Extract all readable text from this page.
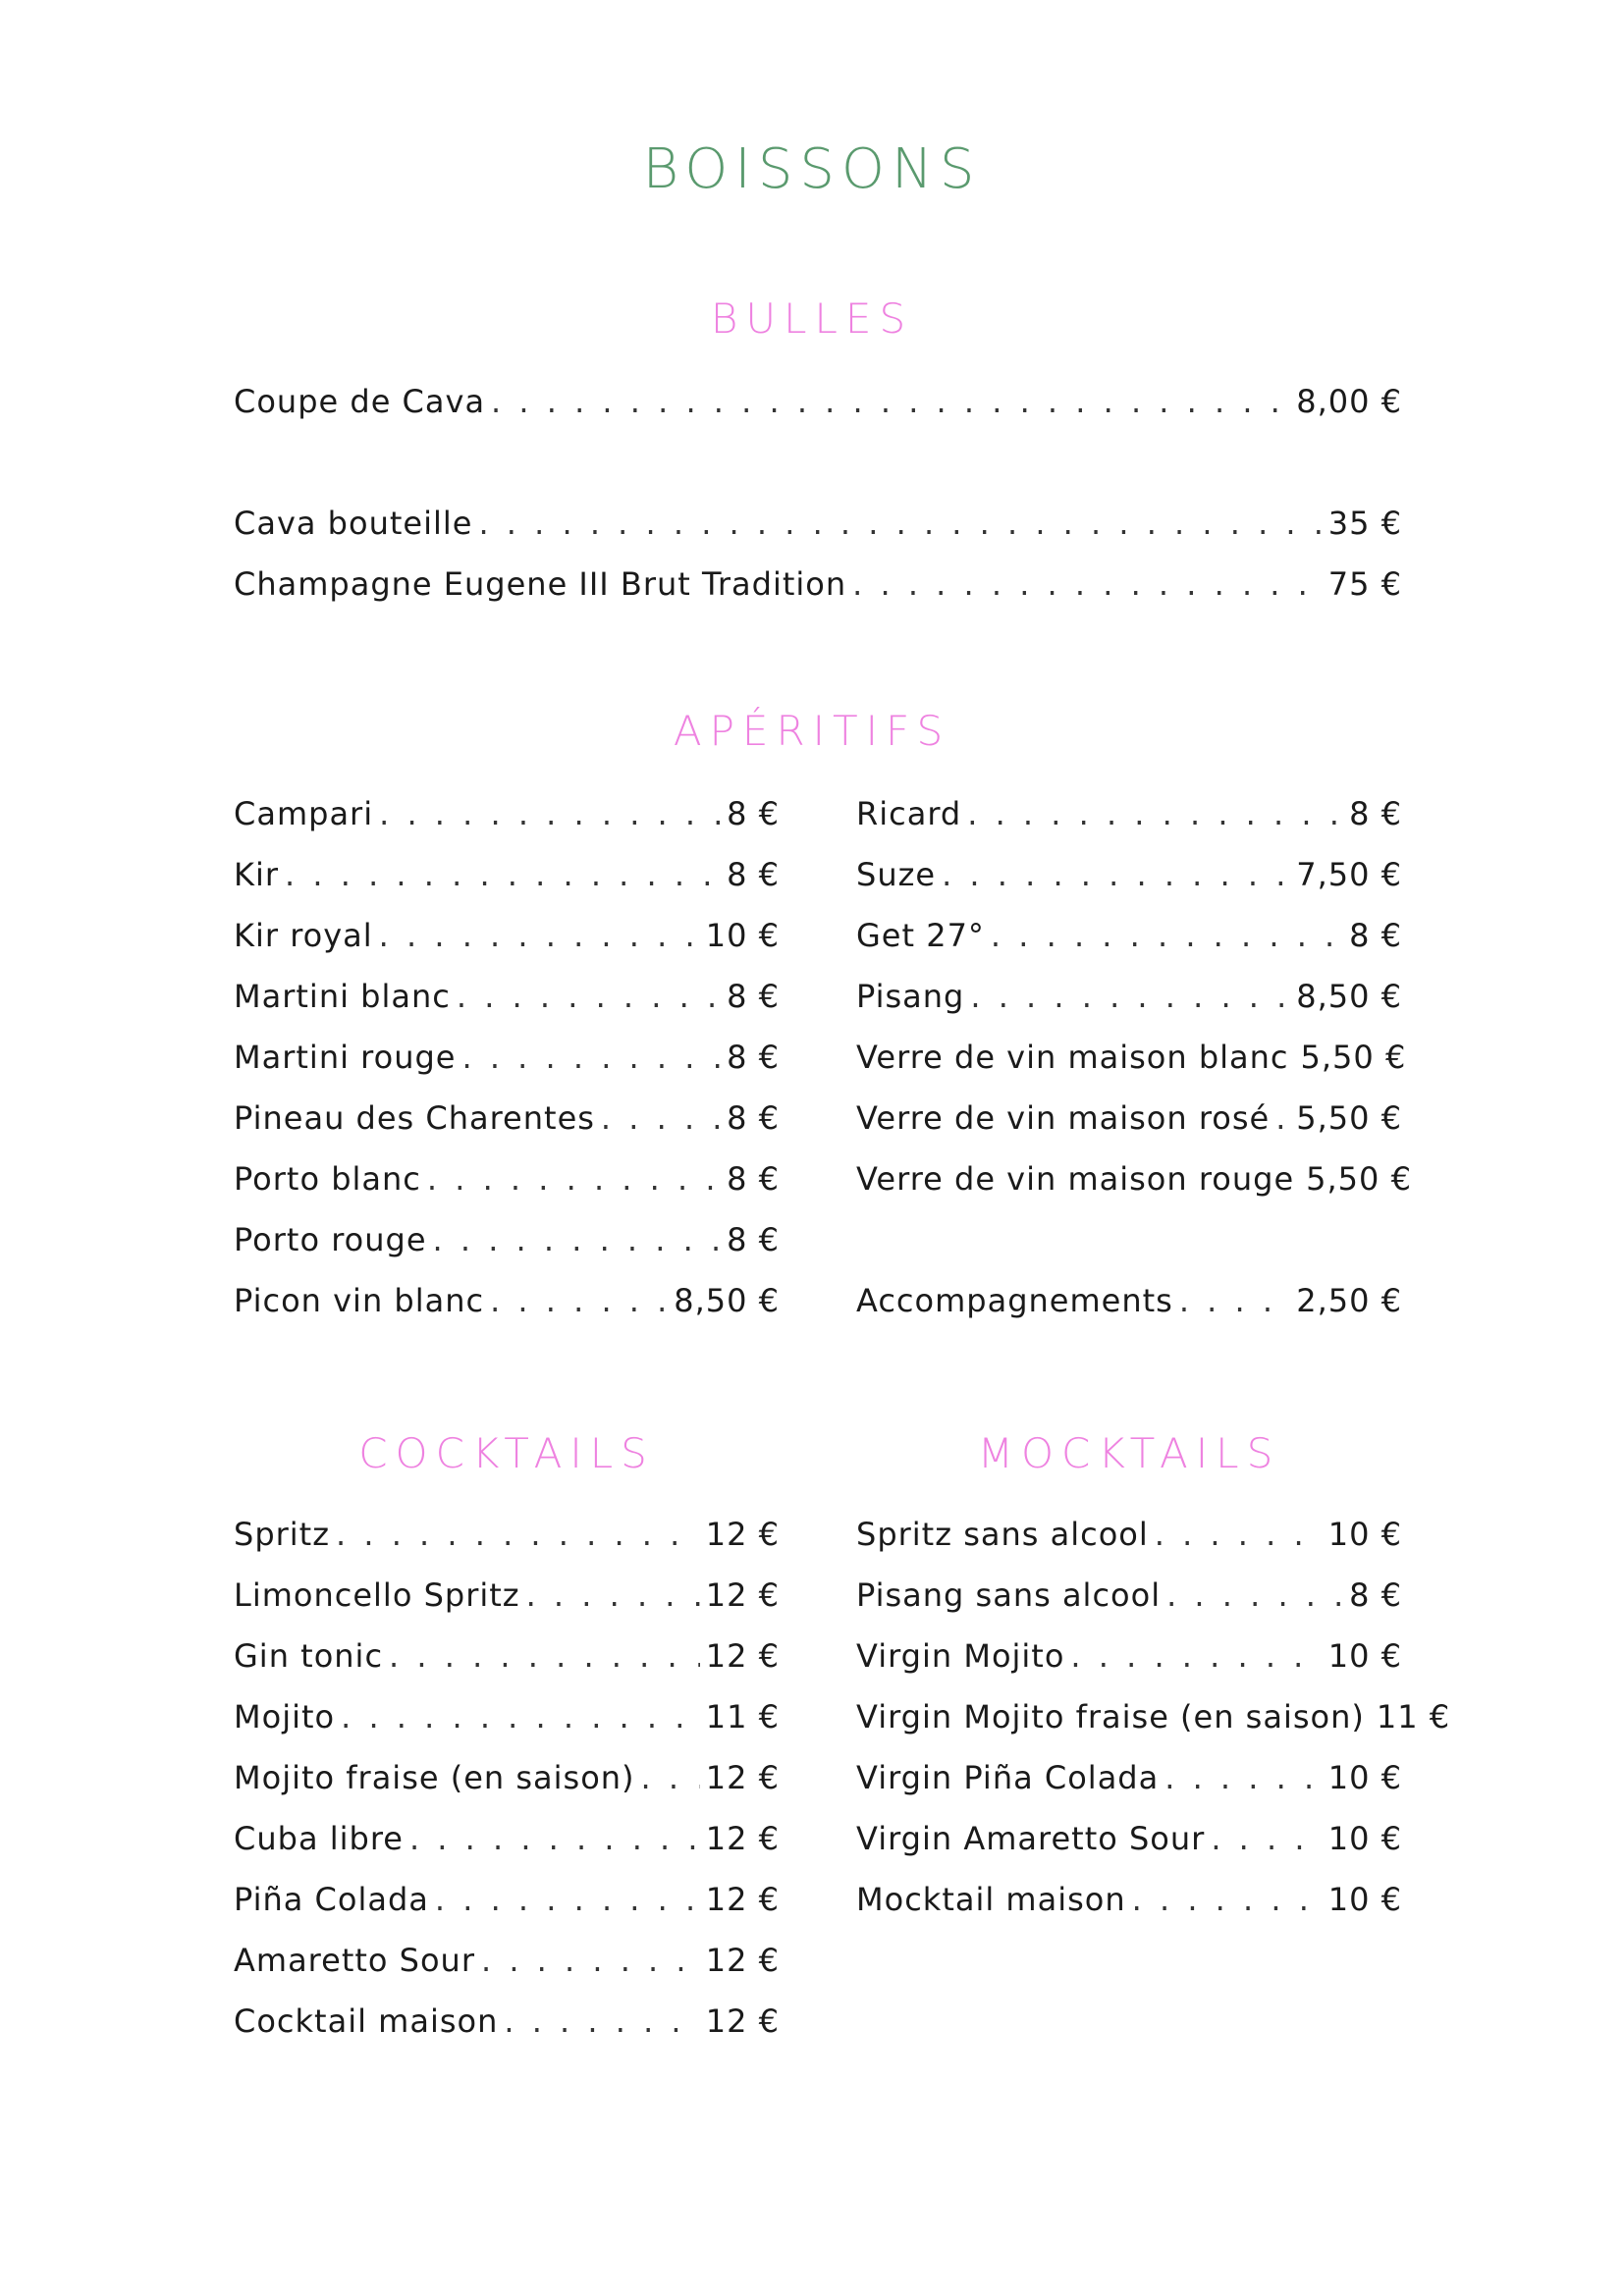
BOISSONS
BULLES
Coupe de Cava . . .	8,00 €
Cava bouteille . . .	35 €
Champagne Eugene III Brut Tradition . . .	75 €
APÉRITIFS
Campari . . .	8 €
Kir . . .	8 €
Kir royal . . .	10 €
Martini blanc . . .	8 €
Martini rouge . . .	8 €
Pineau des Charentes . . .	8 €
Porto blanc . . .	8 €
Porto rouge . . .	8 €
Picon vin blanc . . .	8,50 €
Ricard . . .	8 €
Suze . . .	7,50 €
Get 27° . . .	8 €
Pisang . . .	8,50 €
Verre de vin maison blanc 5,50 €
Verre de vin maison rosé . . . 5,50 €
Verre de vin maison rouge 5,50 €
Accompagnements . . .	2,50 €
COCKTAILS
Spritz . . .	12 €
Limoncello Spritz . . .	12 €
Gin tonic . . .	12 €
Mojito . . .	11 €
Mojito fraise (en saison) . . . 12 €
Cuba libre . . .	12 €
Piña Colada . . .	12 €
Amaretto Sour . . .	12 €
Cocktail maison . . .	12 €
MOCKTAILS
Spritz sans alcool . . .	10 €
Pisang sans alcool . . .	8 €
Virgin Mojito . . .	10 €
Virgin Mojito fraise (en saison) 11 €
Virgin Piña Colada . . .	10 €
Virgin Amaretto Sour . . .	10 €
Mocktail maison . . .	10 €
